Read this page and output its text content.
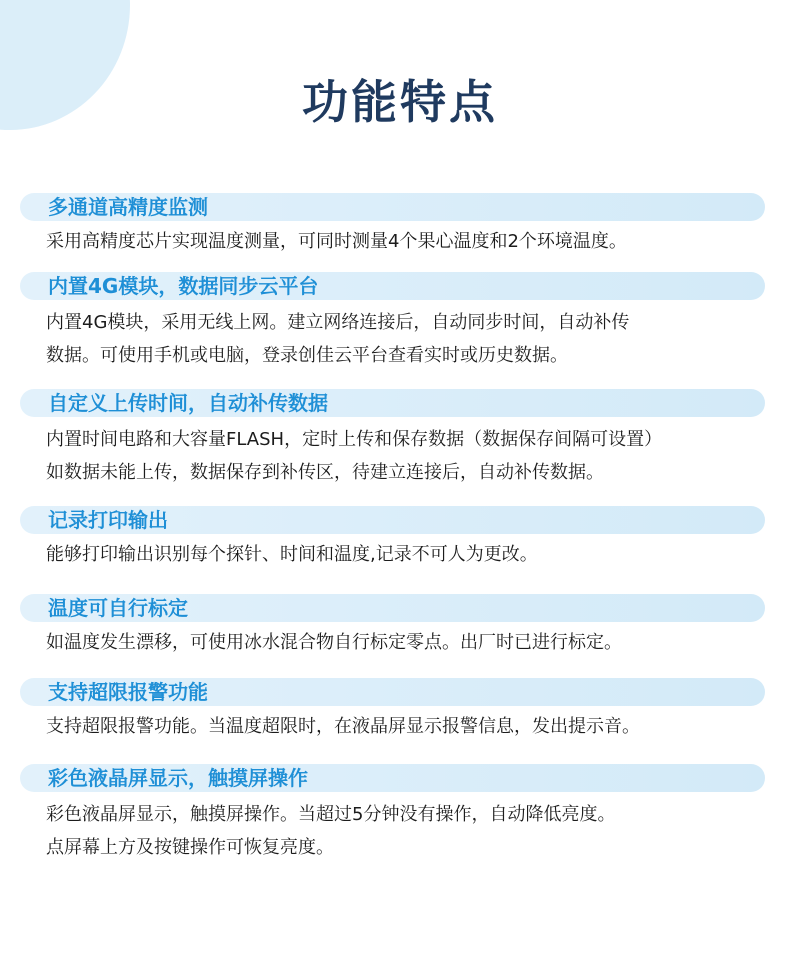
功能特点
多通道高精度监测
采用高精度芯片实现温度测量，可同时测量4个果心温度和2个环境温度。
内置4G模块，数据同步云平台
内置4G模块，采用无线上网。建立网络连接后，自动同步时间，自动补传
数据。可使用手机或电脑，登录创佳云平台查看实时或历史数据。
自定义上传时间，自动补传数据
内置时间电路和大容量FLASH，定时上传和保存数据（数据保存间隔可设置）
如数据未能上传，数据保存到补传区，待建立连接后，自动补传数据。
记录打印输出
能够打印输出识别每个探针、时间和温度,记录不可人为更改。
温度可自行标定
如温度发生漂移，可使用冰水混合物自行标定零点。出厂时已进行标定。
支持超限报警功能
支持超限报警功能。当温度超限时，在液晶屏显示报警信息，发出提示音。
彩色液晶屏显示，触摸屏操作
彩色液晶屏显示，触摸屏操作。当超过5分钟没有操作，自动降低亮度。
点屏幕上方及按键操作可恢复亮度。
